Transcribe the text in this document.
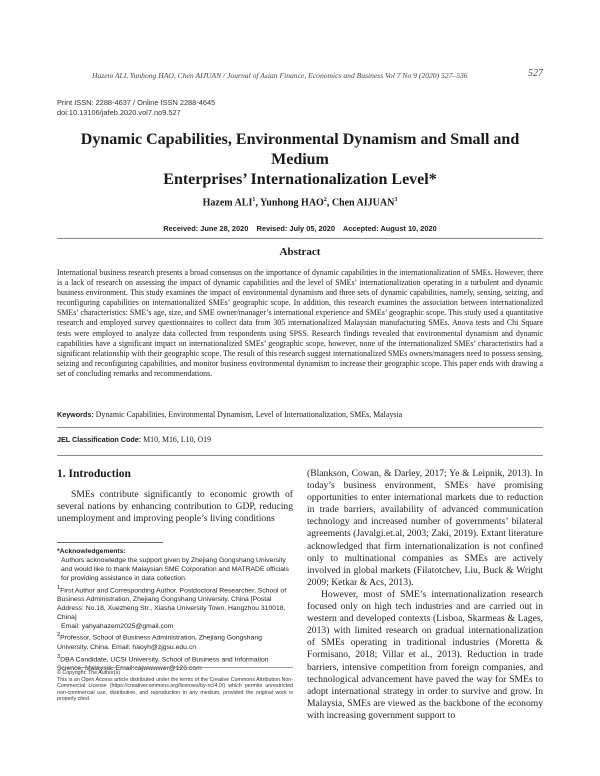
Hazem ALI, Yunhong HAO, Chen AIJUAN / Journal of Asian Finance, Economics and Business Vol 7 No 9 (2020) 527–536	527
Print ISSN: 2288-4637 / Online ISSN 2288-4645
doi:10.13106/jafeb.2020.vol7.no9.527
Dynamic Capabilities, Environmental Dynamism and Small and Medium
Enterprises’ Internationalization Level*
Hazem ALI$^1$, Yunhong HAO$^2$, Chen AIJUAN$^3$
Received: June 28, 2020    Revised: July 05, 2020    Accepted: August 10, 2020
Abstract
International business research presents a broad consensus on the importance of dynamic capabilities in the internationalization of SMEs. However, there is a lack of research on assessing the impact of dynamic capabilities and the level of SMEs’ internationalization operating in a turbulent and dynamic business environment. This study examines the impact of environmental dynamism and three sets of dynamic capabilities, namely, sensing, seizing, and reconfiguring capabilities on internationalized SMEs’ geographic scope. In addition, this research examines the association between internationalized SMEs’ characteristics: SME’s age, size, and SME owner/manager’s international experience and SMEs’ geographic scope. This study used a quantitative research and employed survey questionnaires to collect data from 305 internationalized Malaysian manufacturing SMEs. Anova tests and Chi Square tests were employed to analyze data collected from respondents using SPSS. Research findings revealed that environmental dynamism and dynamic capabilities have a significant impact on internationalized SMEs’ geographic scope, however, none of the internationalized SMEs’ characteristics had a significant relationship with their geographic scope. The result of this research suggest internationalized SMEs owners/managers need to possess sensing, seizing and reconfiguring capabilities, and monitor business environmental dynamism to increase their geographic scope. This paper ends with drawing a set of concluding remarks and recommendations.
Keywords: Dynamic Capabilities, Environmental Dynamism, Level of Internationalization, SMEs, Malaysia
JEL Classification Code: M10, M16, L10, O19
1. Introduction

SMEs contribute significantly to economic growth of several nations by enhancing contribution to GDP, reducing unemployment and improving people’s living conditions

(Blankson, Cowan, & Darley, 2017; Ye & Leipnik, 2013). In today’s business environment, SMEs have promising opportunities to enter international markets due to reduction in trade barriers, availability of advanced communication technology and increased number of governments’ bilateral agreements (Javalgi.et.al, 2003; Zaki, 2019). Extant literature acknowledged that firm internationalization is not confined only to multinational companies as SMEs are actively involved in global markets (Filatotchev, Liu, Buck & Wright 2009; Ketkar & Acs, 2013).

However, most of SME’s internationalization research focused only on high tech industries and are carried out in western and developed contexts (Lisboa, Skarmeas & Lages, 2013) with limited research on gradual internationalization of SMEs operating in traditional industries (Moretta & Formisano, 2018; Villar et al., 2013). Reduction in trade barriers, intensive competition from foreign companies, and technological advancement have paved the way for SMEs to adopt international strategy in order to survive and grow. In Malaysia, SMEs are viewed as the backbone of the economy with increasing government support to

*Acknowledgements:
Authors acknowledge the support given by Zhejiang Gongshang University and would like to thank Malaysian SME Corporation and MATRADE officials for providing assistance in data collection.
$^1$First Author and Corresponding Author. Postdoctoral Researcher, School of Business Administration, Zhejiang Gongshang University, China [Postal Address: No.18, Xuezheng Str., Xiasha University Town, Hangzhou 310018, China]
Email: yahyahazem2025@gmail.com
$^2$Professor, School of Business Administration, Zhejiang Gongshang University, China. Email: haoyh@zjgsu.edu.cn
$^3$DBA Candidate, UCSI University, School of Business and Information Science, Malaysia. Email:cajwwwwer@126.com
© Copyright: The Author(s)
This is an Open Access article distributed under the terms of the Creative Commons Attribution Non-Commercial License (https://creativecommons.org/licenses/by-nc/4.0/) which permits unrestricted non-commercial use, distribution, and reproduction in any medium, provided the original work is properly cited.
